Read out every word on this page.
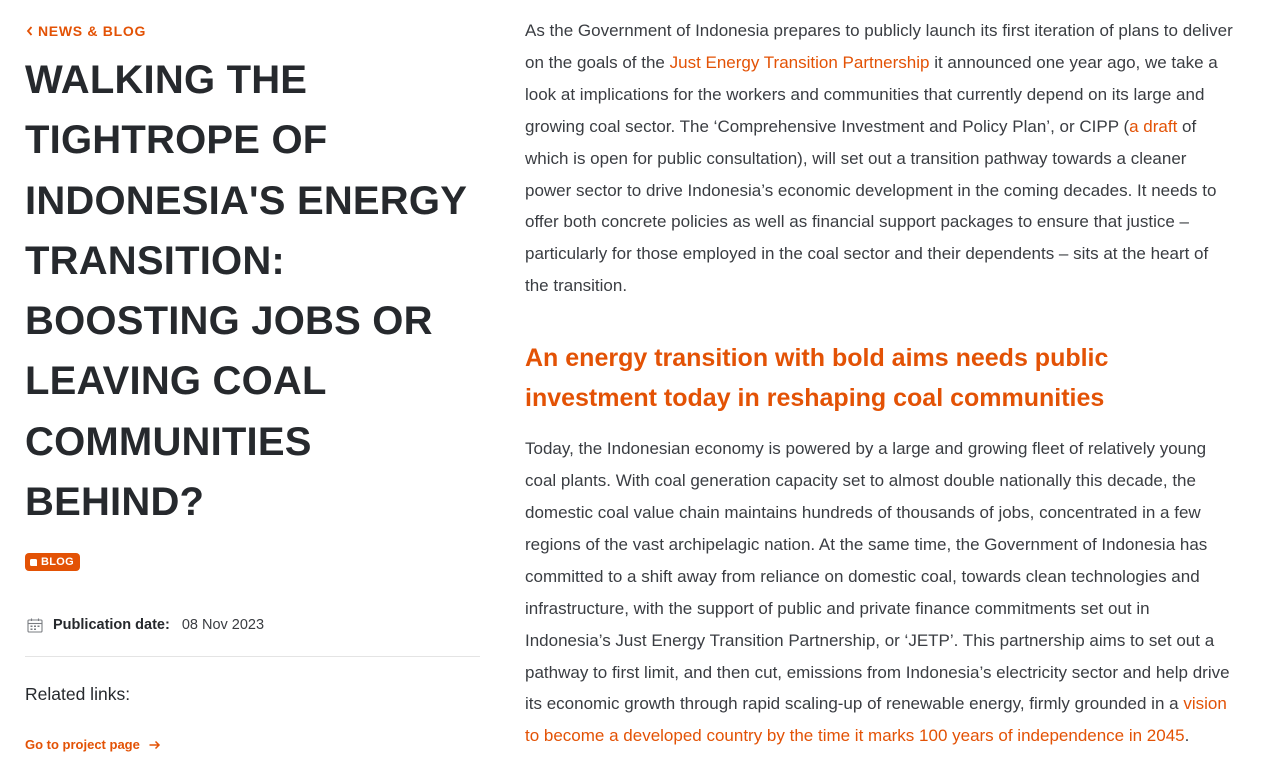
NEWS & BLOG
WALKING THE TIGHTROPE OF INDONESIA'S ENERGY TRANSITION: BOOSTING JOBS OR LEAVING COAL COMMUNITIES BEHIND?
BLOG
Publication date: 08 Nov 2023
Related links:
Go to project page

As the Government of Indonesia prepares to publicly launch its first iteration of plans to deliver on the goals of the Just Energy Transition Partnership it announced one year ago, we take a look at implications for the workers and communities that currently depend on its large and growing coal sector. The ‘Comprehensive Investment and Policy Plan’, or CIPP (a draft of which is open for public consultation), will set out a transition pathway towards a cleaner power sector to drive Indonesia’s economic development in the coming decades. It needs to offer both concrete policies as well as financial support packages to ensure that justice – particularly for those employed in the coal sector and their dependents – sits at the heart of the transition.

An energy transition with bold aims needs public investment today in reshaping coal communities

Today, the Indonesian economy is powered by a large and growing fleet of relatively young coal plants. With coal generation capacity set to almost double nationally this decade, the domestic coal value chain maintains hundreds of thousands of jobs, concentrated in a few regions of the vast archipelagic nation. At the same time, the Government of Indonesia has committed to a shift away from reliance on domestic coal, towards clean technologies and infrastructure, with the support of public and private finance commitments set out in Indonesia’s Just Energy Transition Partnership, or ‘JETP’. This partnership aims to set out a pathway to first limit, and then cut, emissions from Indonesia’s electricity sector and help drive its economic growth through rapid scaling-up of renewable energy, firmly grounded in a vision to become a developed country by the time it marks 100 years of independence in 2045.
